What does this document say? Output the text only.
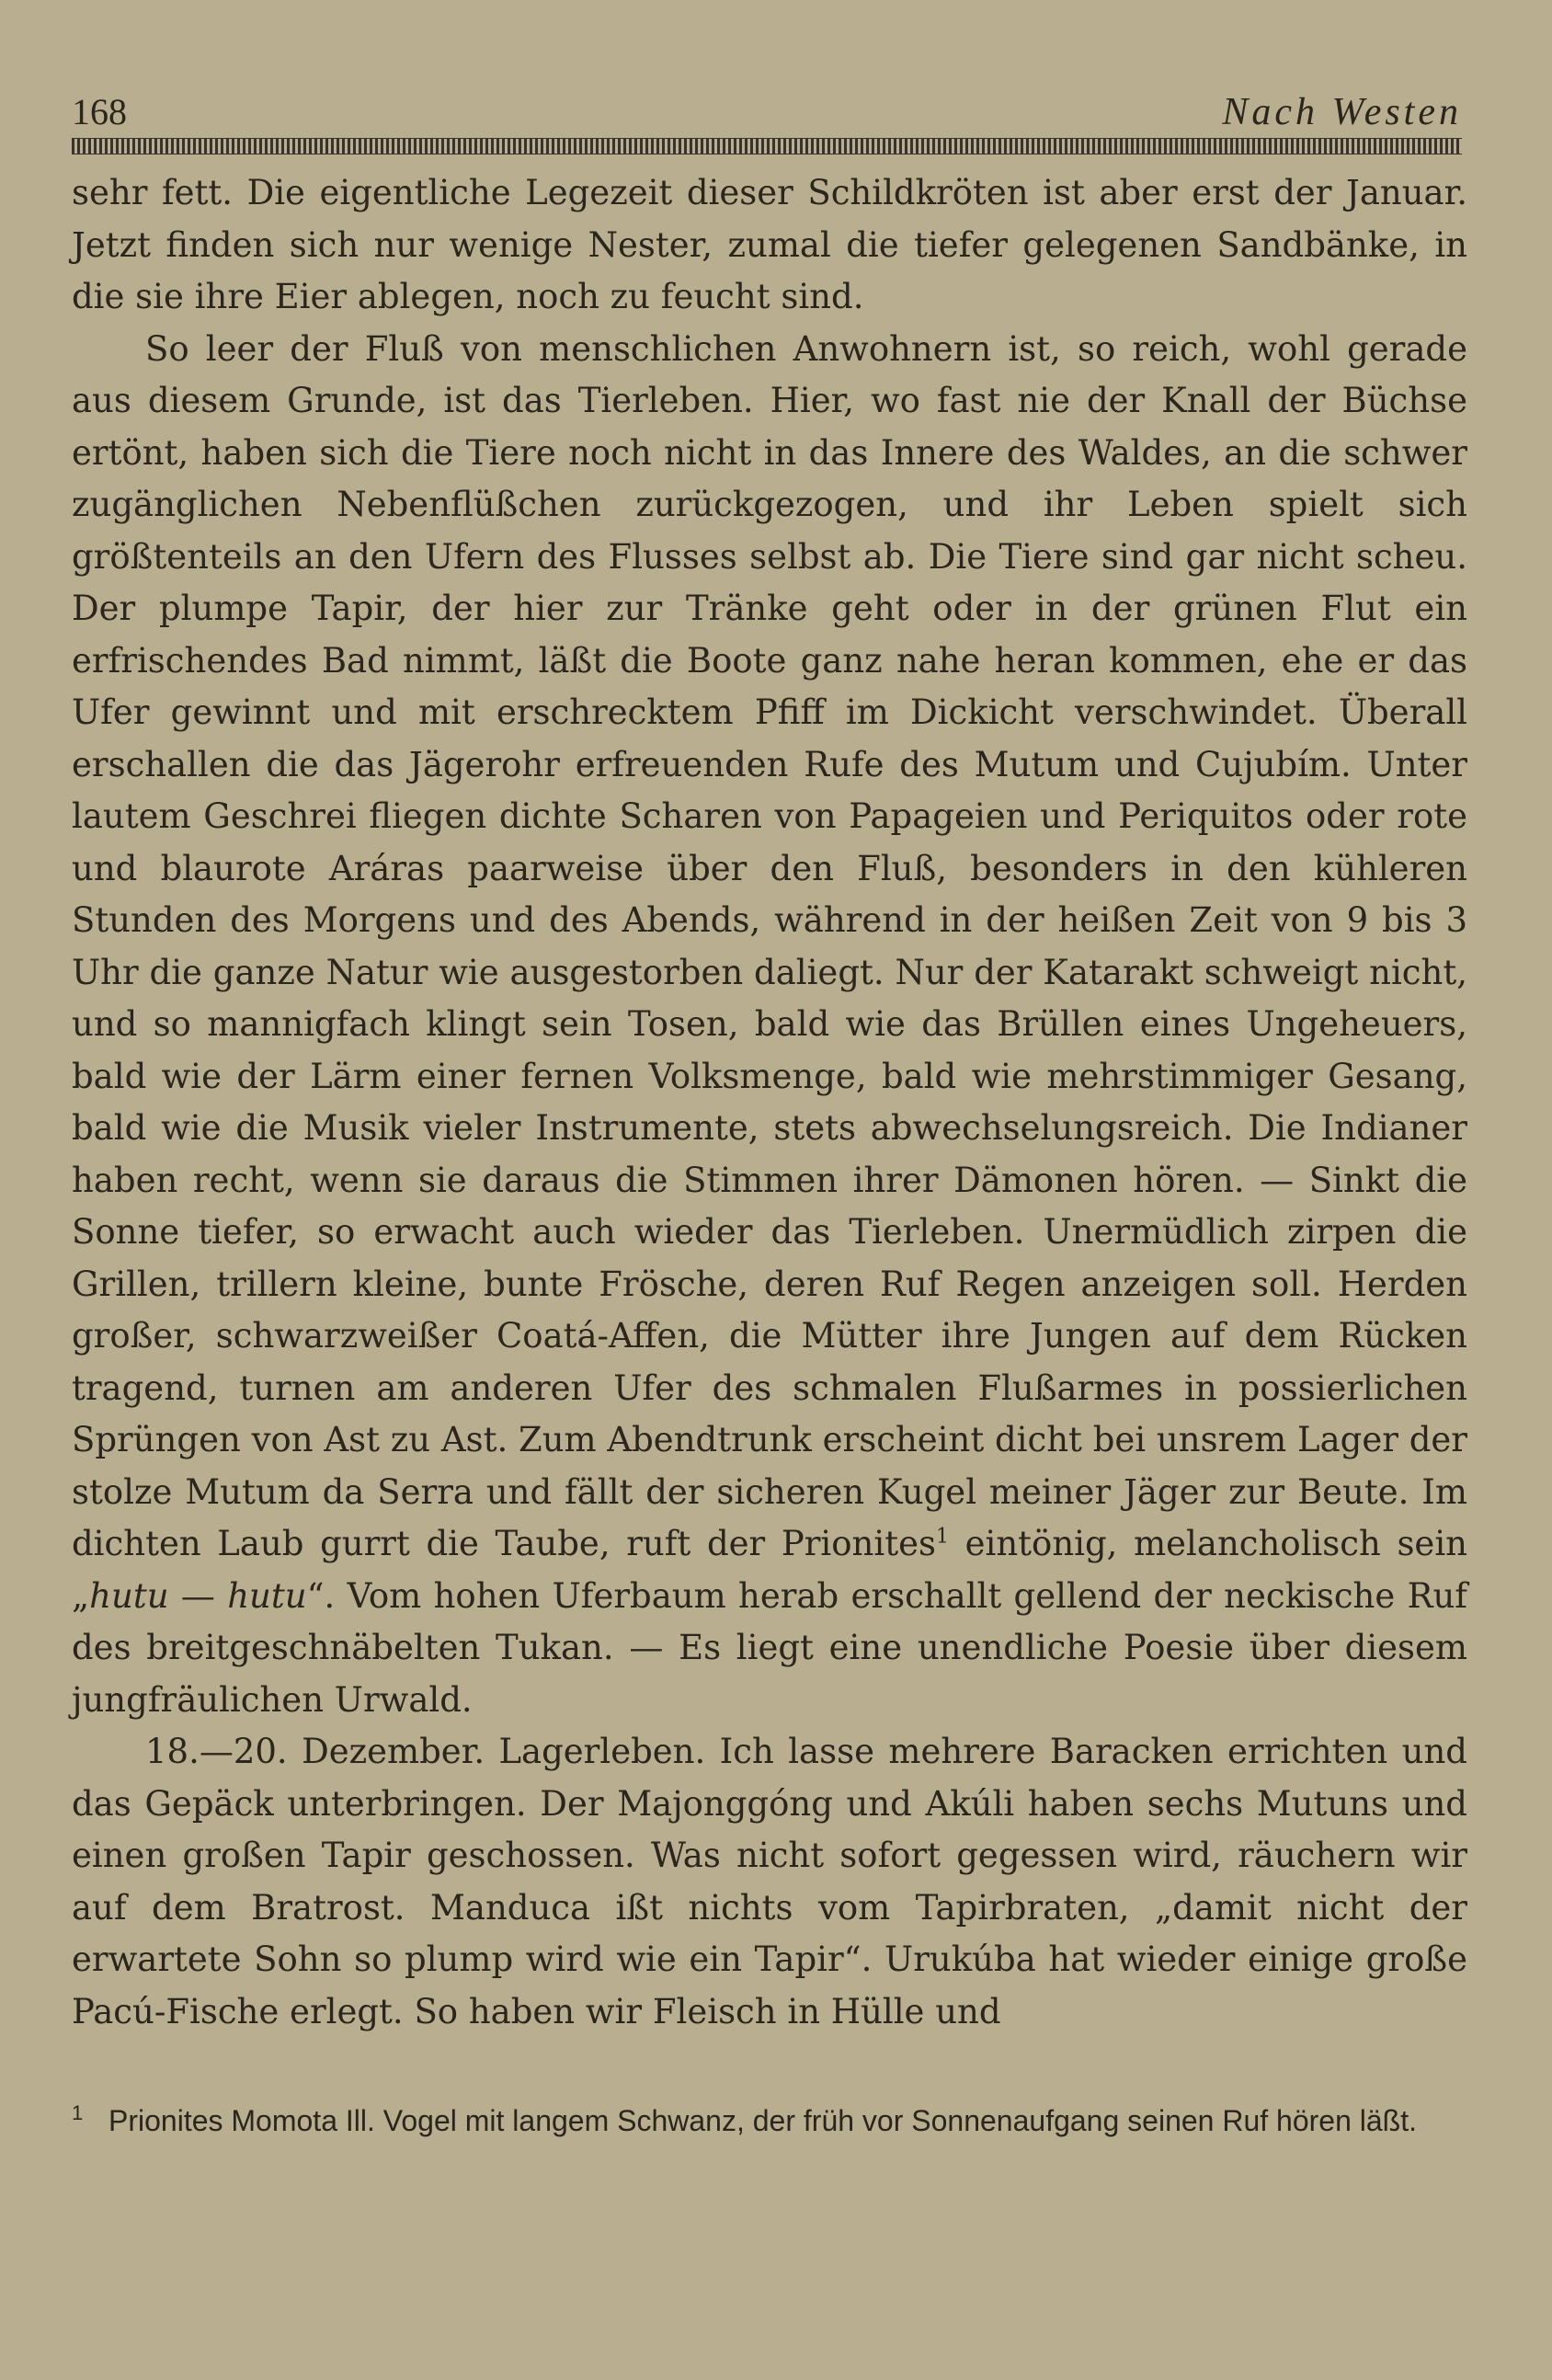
168	Nach Westen

sehr fett. Die eigentliche Legezeit dieser Schildkröten ist aber erst der Januar. Jetzt finden sich nur wenige Nester, zumal die tiefer gelegenen Sandbänke, in die sie ihre Eier ablegen, noch zu feucht sind.

So leer der Fluß von menschlichen Anwohnern ist, so reich, wohl gerade aus diesem Grunde, ist das Tierleben. Hier, wo fast nie der Knall der Büchse ertönt, haben sich die Tiere noch nicht in das Innere des Waldes, an die schwer zugänglichen Nebenflüßchen zurückgezogen, und ihr Leben spielt sich größtenteils an den Ufern des Flusses selbst ab. Die Tiere sind gar nicht scheu. Der plumpe Tapir, der hier zur Tränke geht oder in der grünen Flut ein erfrischendes Bad nimmt, läßt die Boote ganz nahe heran kommen, ehe er das Ufer gewinnt und mit erschrecktem Pfiff im Dickicht verschwindet. Überall erschallen die das Jägerohr erfreuenden Rufe des Mutum und Cujubím. Unter lautem Geschrei fliegen dichte Scharen von Papageien und Periquitos oder rote und blaurote Aráras paarweise über den Fluß, besonders in den kühleren Stunden des Morgens und des Abends, während in der heißen Zeit von 9 bis 3 Uhr die ganze Natur wie ausgestorben daliegt. Nur der Katarakt schweigt nicht, und so mannigfach klingt sein Tosen, bald wie das Brüllen eines Ungeheuers, bald wie der Lärm einer fernen Volksmenge, bald wie mehrstimmiger Gesang, bald wie die Musik vieler Instrumente, stets abwechselungsreich. Die Indianer haben recht, wenn sie daraus die Stimmen ihrer Dämonen hören. — Sinkt die Sonne tiefer, so erwacht auch wieder das Tierleben. Unermüdlich zirpen die Grillen, trillern kleine, bunte Frösche, deren Ruf Regen anzeigen soll. Herden großer, schwarzweißer Coatá-Affen, die Mütter ihre Jungen auf dem Rücken tragend, turnen am anderen Ufer des schmalen Flußarmes in possierlichen Sprüngen von Ast zu Ast. Zum Abendtrunk erscheint dicht bei unsrem Lager der stolze Mutum da Serra und fällt der sicheren Kugel meiner Jäger zur Beute. Im dichten Laub gurrt die Taube, ruft der Prionites$^1$ eintönig, melancholisch sein „hutu — hutu“. Vom hohen Uferbaum herab erschallt gellend der neckische Ruf des breitgeschnäbelten Tukan. — Es liegt eine unendliche Poesie über diesem jungfräulichen Urwald.

18.—20. Dezember. Lagerleben. Ich lasse mehrere Baracken errichten und das Gepäck unterbringen. Der Majonggóng und Akúli haben sechs Mutuns und einen großen Tapir geschossen. Was nicht sofort gegessen wird, räuchern wir auf dem Bratrost. Manduca ißt nichts vom Tapirbraten, „damit nicht der erwartete Sohn so plump wird wie ein Tapir“. Urukúba hat wieder einige große Pacú-Fische erlegt. So haben wir Fleisch in Hülle und

1 Prionites Momota Ill. Vogel mit langem Schwanz, der früh vor Sonnenaufgang seinen Ruf hören läßt.
